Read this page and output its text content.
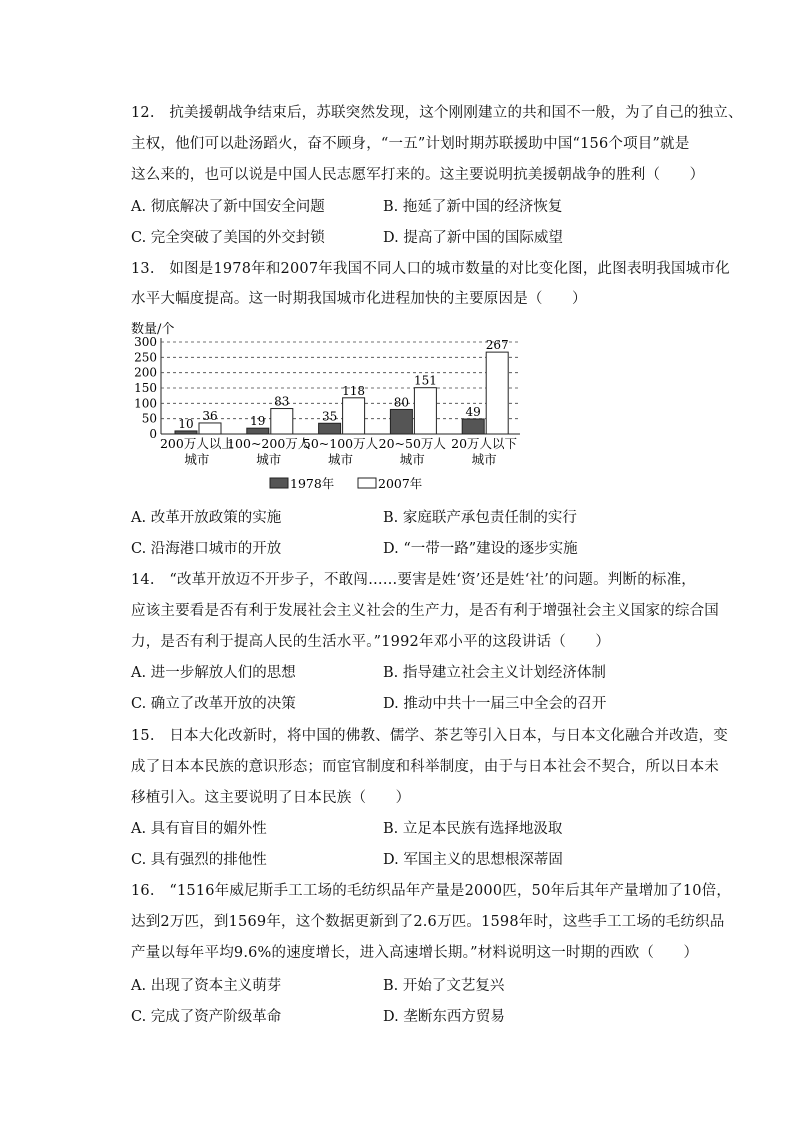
12.　抗美援朝战争结束后，苏联突然发现，这个刚刚建立的共和国不一般，为了自己的独立、
主权，他们可以赴汤蹈火，奋不顾身，“一五”计划时期苏联援助中国“156个项目”就是
这么来的，也可以说是中国人民志愿军打来的。这主要说明抗美援朝战争的胜利（　　）
A. 彻底解决了新中国安全问题	B. 拖延了新中国的经济恢复
C. 完全突破了美国的外交封锁	D. 提高了新中国的国际威望
13.　如图是1978年和2007年我国不同人口的城市数量的对比变化图，此图表明我国城市化
水平大幅度提高。这一时期我国城市化进程加快的主要原因是（　　）
数量/个
0
50
100
150
200
250
300
10
36	19
83
35
118
80
151
49
267
200万人以上
城市
100~200万人
城市
50~100万人
城市
20~50万人
城市
20万人以下
城市
1978年	2007年
A. 改革开放政策的实施	B. 家庭联产承包责任制的实行
C. 沿海港口城市的开放	D. “一带一路”建设的逐步实施
14.　“改革开放迈不开步子，不敢闯……要害是姓‘资’还是姓‘社’的问题。判断的标准，
应该主要看是否有利于发展社会主义社会的生产力，是否有利于增强社会主义国家的综合国
力，是否有利于提高人民的生活水平。”1992年邓小平的这段讲话（　　）
A. 进一步解放人们的思想	B. 指导建立社会主义计划经济体制
C. 确立了改革开放的决策	D. 推动中共十一届三中全会的召开
15.　日本大化改新时，将中国的佛教、儒学、茶艺等引入日本，与日本文化融合并改造，变
成了日本本民族的意识形态；而宦官制度和科举制度，由于与日本社会不契合，所以日本未
移植引入。这主要说明了日本民族（　　）
A. 具有盲目的媚外性	B. 立足本民族有选择地汲取
C. 具有强烈的排他性	D. 军国主义的思想根深蒂固
16.　“1516年威尼斯手工工场的毛纺织品年产量是2000匹，50年后其年产量增加了10倍，
达到2万匹，到1569年，这个数据更新到了2.6万匹。1598年时，这些手工工场的毛纺织品
产量以每年平均9.6%的速度增长，进入高速增长期。”材料说明这一时期的西欧（　　）
A. 出现了资本主义萌芽	B. 开始了文艺复兴
C. 完成了资产阶级革命	D. 垄断东西方贸易
